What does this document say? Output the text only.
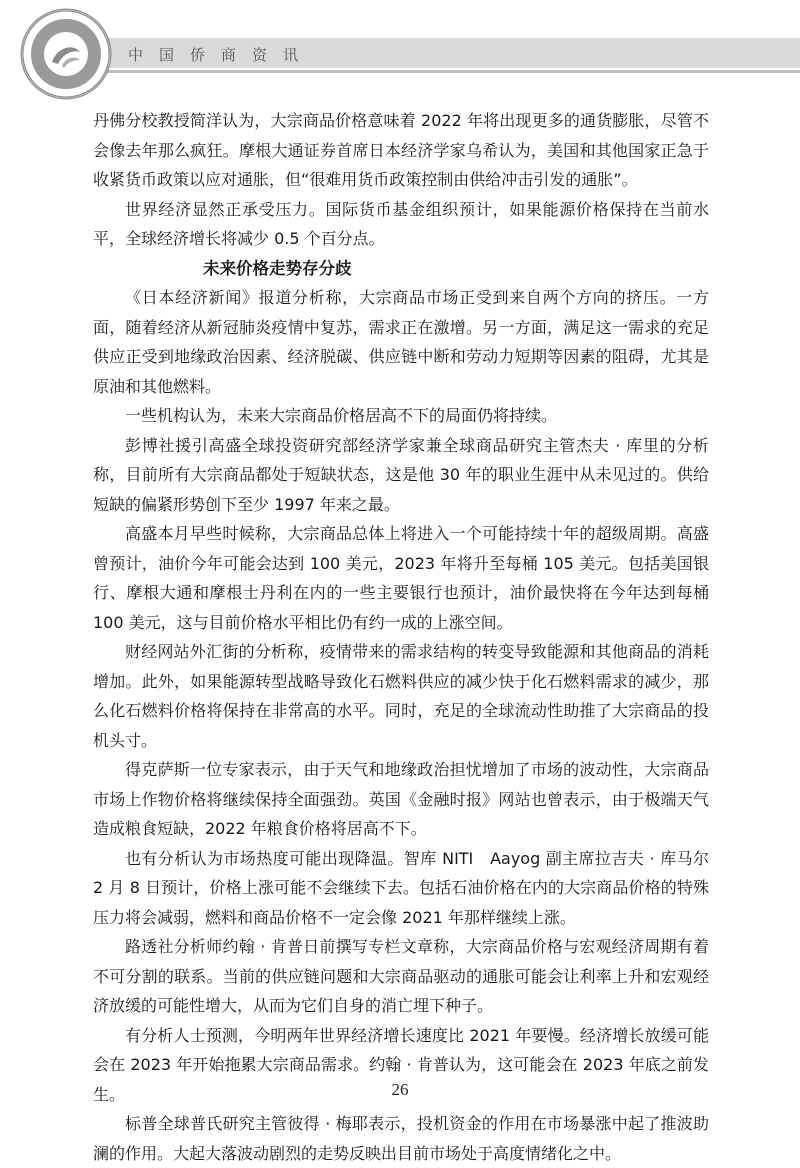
中国侨商资讯

丹佛分校教授简洋认为，大宗商品价格意味着 2022 年将出现更多的通货膨胀，尽管不会像去年那么疯狂。摩根大通证券首席日本经济学家乌希认为，美国和其他国家正急于收紧货币政策以应对通胀，但“很难用货币政策控制由供给冲击引发的通胀”。

世界经济显然正承受压力。国际货币基金组织预计，如果能源价格保持在当前水平，全球经济增长将减少 0.5 个百分点。

未来价格走势存分歧

《日本经济新闻》报道分析称，大宗商品市场正受到来自两个方向的挤压。一方面，随着经济从新冠肺炎疫情中复苏，需求正在激增。另一方面，满足这一需求的充足供应正受到地缘政治因素、经济脱碳、供应链中断和劳动力短期等因素的阻碍，尤其是原油和其他燃料。

一些机构认为，未来大宗商品价格居高不下的局面仍将持续。

彭博社援引高盛全球投资研究部经济学家兼全球商品研究主管杰夫 · 库里的分析称，目前所有大宗商品都处于短缺状态，这是他 30 年的职业生涯中从未见过的。供给短缺的偏紧形势创下至少 1997 年来之最。

高盛本月早些时候称，大宗商品总体上将进入一个可能持续十年的超级周期。高盛曾预计，油价今年可能会达到 100 美元，2023 年将升至每桶 105 美元。包括美国银行、摩根大通和摩根士丹利在内的一些主要银行也预计，油价最快将在今年达到每桶 100 美元，这与目前价格水平相比仍有约一成的上涨空间。

财经网站外汇街的分析称，疫情带来的需求结构的转变导致能源和其他商品的消耗增加。此外，如果能源转型战略导致化石燃料供应的减少快于化石燃料需求的减少，那么化石燃料价格将保持在非常高的水平。同时，充足的全球流动性助推了大宗商品的投机头寸。

得克萨斯一位专家表示，由于天气和地缘政治担忧增加了市场的波动性，大宗商品市场上作物价格将继续保持全面强劲。英国《金融时报》网站也曾表示，由于极端天气造成粮食短缺，2022 年粮食价格将居高不下。

也有分析认为市场热度可能出现降温。智库 NITI　Aayog 副主席拉吉夫 · 库马尔 2 月 8 日预计，价格上涨可能不会继续下去。包括石油价格在内的大宗商品价格的特殊压力将会减弱，燃料和商品价格不一定会像 2021 年那样继续上涨。

路透社分析师约翰 · 肯普日前撰写专栏文章称，大宗商品价格与宏观经济周期有着不可分割的联系。当前的供应链问题和大宗商品驱动的通胀可能会让利率上升和宏观经济放缓的可能性增大，从而为它们自身的消亡埋下种子。

有分析人士预测，今明两年世界经济增长速度比 2021 年要慢。经济增长放缓可能会在 2023 年开始拖累大宗商品需求。约翰 · 肯普认为，这可能会在 2023 年底之前发生。

标普全球普氏研究主管彼得 · 梅耶表示，投机资金的作用在市场暴涨中起了推波助澜的作用。大起大落波动剧烈的走势反映出目前市场处于高度情绪化之中。

26
